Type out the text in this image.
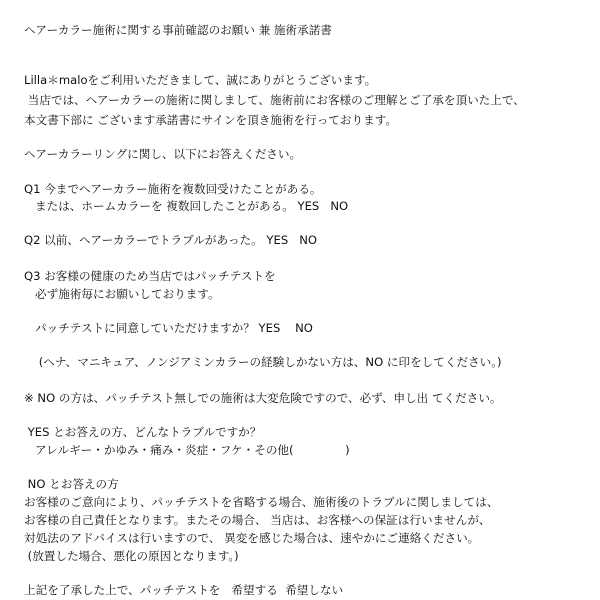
ヘアーカラー施術に関する事前確認のお願い 兼 施術承諾書
Lilla＊maloをご利用いただきまして、誠にありがとうございます。
当店では、ヘアーカラーの施術に関しまして、施術前にお客様のご理解とご了承を頂いた上で、
本文書下部に ございます承諾書にサインを頂き施術を行っております。
ヘアーカラーリングに関し、以下にお答えください。
Q1 今までヘアーカラー施術を複数回受けたことがある。
または、ホームカラーを 複数回したことがある。 YES   NO
Q2 以前、ヘアーカラーでトラブルがあった。 YES   NO
Q3 お客様の健康のため当店ではパッチテストを
必ず施術毎にお願いしております。
パッチテストに同意していただけますか？ YES    NO
(ヘナ、マニキュア、ノンジアミンカラーの経験しかない方は、NO に印をしてください。)
※ NO の方は、パッチテスト無しでの施術は大変危険ですので、必ず、申し出 てください。
YES とお答えの方、どんなトラブルですか？
アレルギー・かゆみ・痛み・炎症・フケ・その他(              )
NO とお答えの方
お客様のご意向により、パッチテストを省略する場合、施術後のトラブルに関しましては、
お客様の自己責任となります。またその場合、 当店は、お客様への保証は行いませんが、
対処法のアドバイスは行いますので、 異変を感じた場合は、速やかにご連絡ください。
(放置した場合、悪化の原因となります。)
上記を了承した上で、パッチテストを   希望する  希望しない
